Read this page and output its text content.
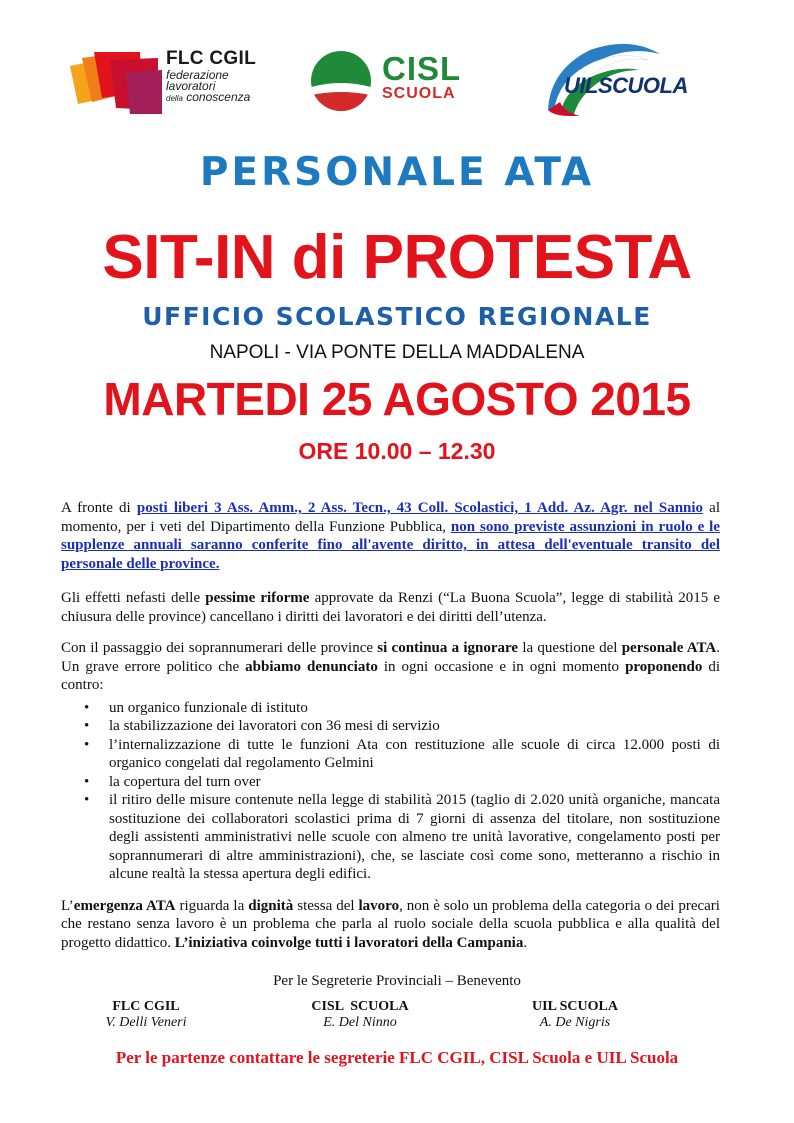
FLC CGIL
federazione
lavoratori
della conoscenza
CISL
SCUOLA	UILSCUOLA
PERSONALE ATA
SIT-IN di PROTESTA
UFFICIO SCOLASTICO REGIONALE
NAPOLI - VIA PONTE DELLA MADDALENA
MARTEDI 25 AGOSTO 2015
ORE 10.00 – 12.30

A fronte di posti liberi 3 Ass. Amm., 2 Ass. Tecn., 43 Coll. Scolastici, 1 Add. Az. Agr. nel Sannio al momento, per i veti del Dipartimento della Funzione Pubblica, non sono previste assunzioni in ruolo e le supplenze annuali saranno conferite fino all'avente diritto, in attesa dell'eventuale transito del personale delle province.

Gli effetti nefasti delle pessime riforme approvate da Renzi (“La Buona Scuola”, legge di stabilità 2015 e chiusura delle province) cancellano i diritti dei lavoratori e dei diritti dell’utenza.

Con il passaggio dei soprannumerari delle province si continua a ignorare la questione del personale ATA. Un grave errore politico che abbiamo denunciato in ogni occasione e in ogni momento proponendo di contro:

• un organico funzionale di istituto
• la stabilizzazione dei lavoratori con 36 mesi di servizio
• l’internalizzazione di tutte le funzioni Ata con restituzione alle scuole di circa 12.000 posti di organico congelati dal regolamento Gelmini
• la copertura del turn over
• il ritiro delle misure contenute nella legge di stabilità 2015 (taglio di 2.020 unità organiche, mancata sostituzione dei collaboratori scolastici prima di 7 giorni di assenza del titolare, non sostituzione degli assistenti amministrativi nelle scuole con almeno tre unità lavorative, congelamento posti per soprannumerari di altre amministrazioni), che, se lasciate così come sono, metteranno a rischio in alcune realtà la stessa apertura degli edifici.

L’emergenza ATA riguarda la dignità stessa del lavoro, non è solo un problema della categoria o dei precari che restano senza lavoro è un problema che parla al ruolo sociale della scuola pubblica e alla qualità del progetto didattico. L’iniziativa coinvolge tutti i lavoratori della Campania.

Per le Segreterie Provinciali – Benevento
FLC CGIL
V. Delli Veneri
CISL  SCUOLA
E. Del Ninno
UIL SCUOLA
A. De Nigris
Per le partenze contattare le segreterie FLC CGIL, CISL Scuola e UIL Scuola
